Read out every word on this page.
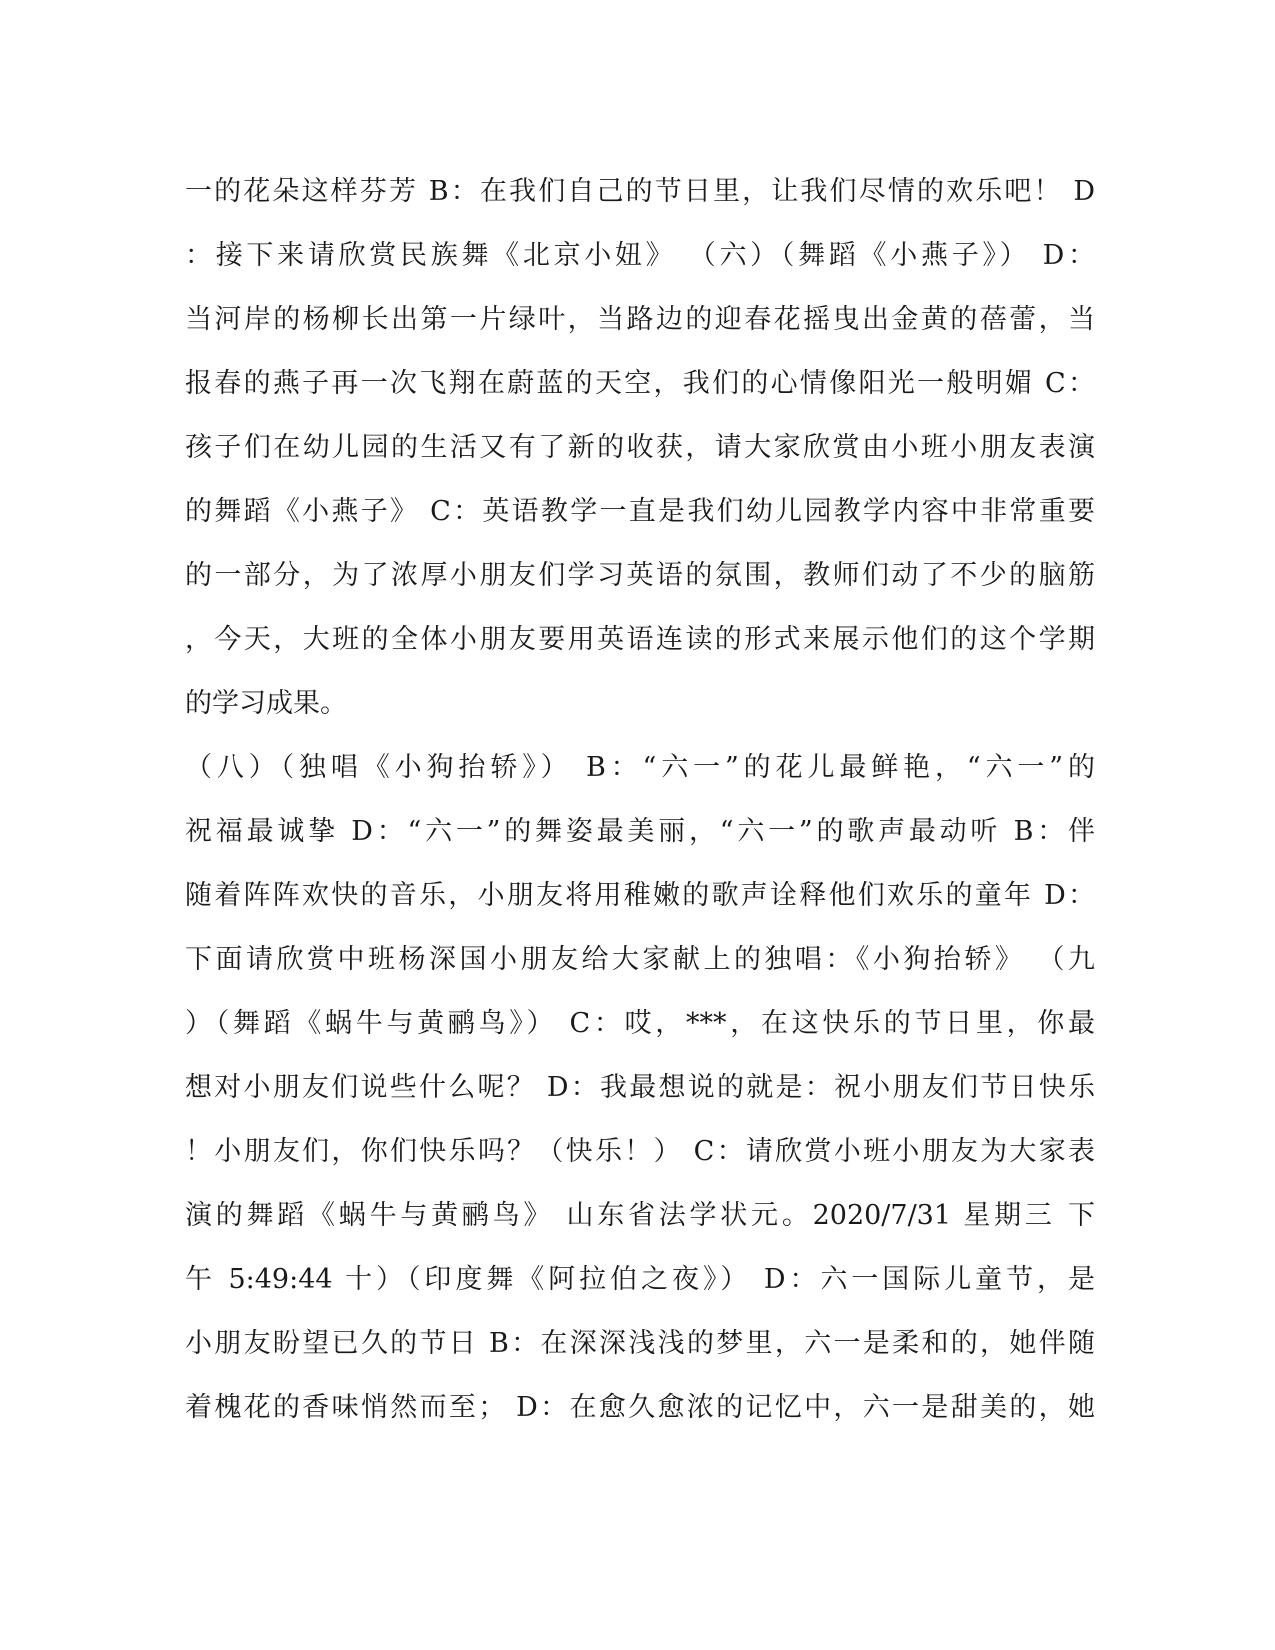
一的花朵这样芬芳 B：在我们自己的节日里，让我们尽情的欢乐吧！ D
：接下来请欣赏民族舞《北京小妞》 （六）（舞蹈《小燕子》） D：
当河岸的杨柳长出第一片绿叶，当路边的迎春花摇曳出金黄的蓓蕾，当
报春的燕子再一次飞翔在蔚蓝的天空，我们的心情像阳光一般明媚 C：
孩子们在幼儿园的生活又有了新的收获，请大家欣赏由小班小朋友表演
的舞蹈《小燕子》 C：英语教学一直是我们幼儿园教学内容中非常重要
的一部分，为了浓厚小朋友们学习英语的氛围，教师们动了不少的脑筋
，今天，大班的全体小朋友要用英语连读的形式来展示他们的这个学期
的学习成果。
（八）（独唱《小狗抬轿》） B：“六一”的花儿最鲜艳，“六一”的
祝福最诚挚 D：“六一”的舞姿最美丽，“六一”的歌声最动听 B：伴
随着阵阵欢快的音乐，小朋友将用稚嫩的歌声诠释他们欢乐的童年 D：
下面请欣赏中班杨深国小朋友给大家献上的独唱：《小狗抬轿》 （九
）（舞蹈《蜗牛与黄鹂鸟》） C：哎，***，在这快乐的节日里，你最
想对小朋友们说些什么呢？ D：我最想说的就是：祝小朋友们节日快乐
！小朋友们，你们快乐吗？（快乐！） C：请欣赏小班小朋友为大家表
演的舞蹈《蜗牛与黄鹂鸟》 山东省法学状元。2020/7/31 星期三 下
午 5:49:44 十）（印度舞《阿拉伯之夜》） D：六一国际儿童节，是
小朋友盼望已久的节日 B：在深深浅浅的梦里，六一是柔和的，她伴随
着槐花的香味悄然而至； D：在愈久愈浓的记忆中，六一是甜美的，她
